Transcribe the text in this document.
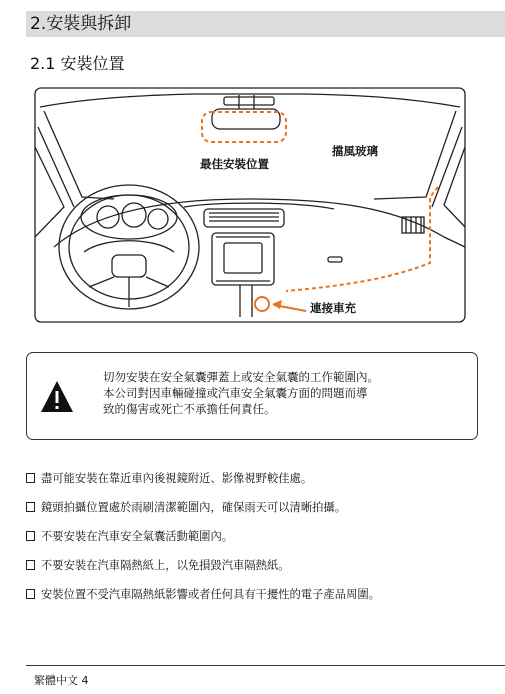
2.安裝與拆卸
2.1 安裝位置
最佳安裝位置
擋風玻璃
連接車充
切勿安裝在安全氣囊彈蓋上或安全氣囊的工作範圍內。
本公司對因車輛碰撞或汽車安全氣囊方面的問題而導
致的傷害或死亡不承擔任何責任。
盡可能安裝在靠近車內後視鏡附近、影像視野較佳處。
鏡頭拍攝位置處於雨刷清潔範圍內，確保雨天可以清晰拍攝。
不要安裝在汽車安全氣囊活動範圍內。
不要安裝在汽車隔熱紙上，以免損毀汽車隔熱紙。
安裝位置不受汽車隔熱紙影響或者任何具有干擾性的電子產品周圍。
繁體中文 4
